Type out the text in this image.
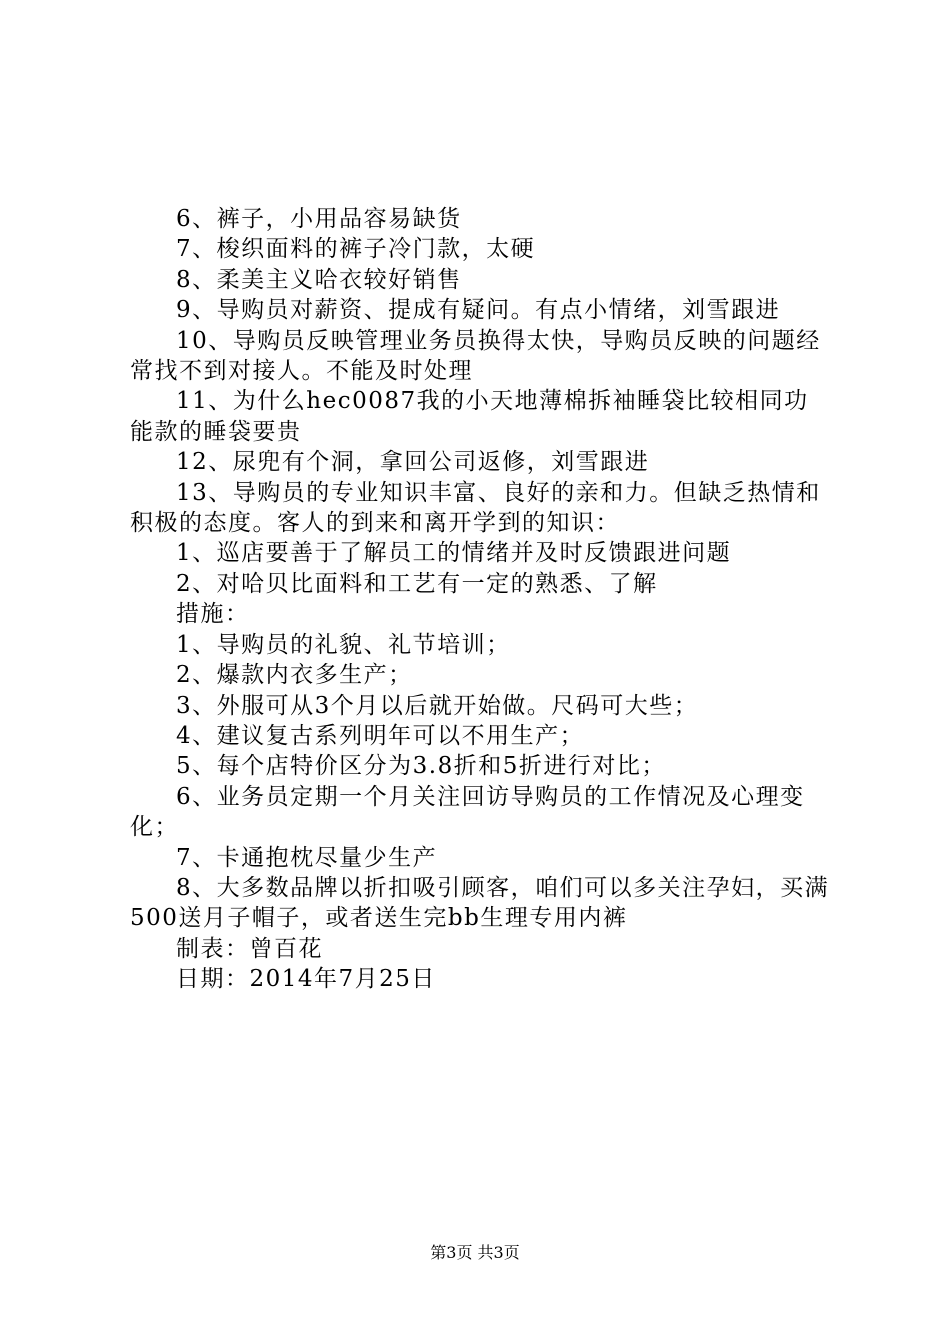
6、裤子，小用品容易缺货

7、梭织面料的裤子冷门款，太硬

8、柔美主义哈衣较好销售

9、导购员对薪资、提成有疑问。有点小情绪，刘雪跟进

10、导购员反映管理业务员换得太快，导购员反映的问题经常找不到对接人。不能及时处理

11、为什么hec0087我的小天地薄棉拆袖睡袋比较相同功能款的睡袋要贵

12、尿兜有个洞，拿回公司返修，刘雪跟进

13、导购员的专业知识丰富、良好的亲和力。但缺乏热情和积极的态度。客人的到来和离开学到的知识：

1、巡店要善于了解员工的情绪并及时反馈跟进问题

2、对哈贝比面料和工艺有一定的熟悉、了解

措施：

1、导购员的礼貌、礼节培训；

2、爆款内衣多生产；

3、外服可从3个月以后就开始做。尺码可大些；

4、建议复古系列明年可以不用生产；

5、每个店特价区分为3.8折和5折进行对比；

6、业务员定期一个月关注回访导购员的工作情况及心理变化；

7、卡通抱枕尽量少生产

8、大多数品牌以折扣吸引顾客，咱们可以多关注孕妇，买满500送月子帽子，或者送生完bb生理专用内裤

制表：曾百花

日期：2014年7月25日

第3页 共3页
